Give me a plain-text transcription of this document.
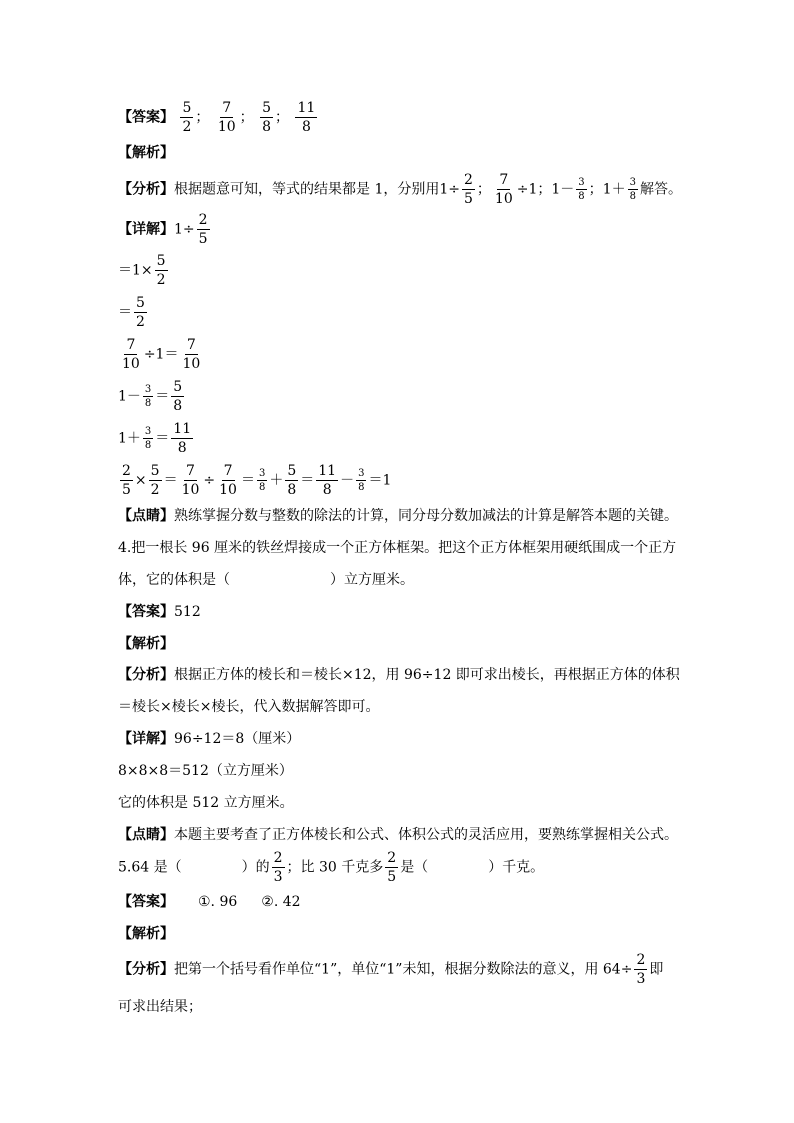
【答案】 $\frac{5}{2}$ ； $\frac{7}{10}$ ； $\frac{5}{8}$ ； $\frac{11}{8}$
【解析】
【分析】根据题意可知，等式的结果都是 1，分别用$1\div \frac{2}{5}$ ； $\frac{7}{10} \div 1$；$1- \frac{3}{8}$ ；$1+ \frac{3}{8}$ 解答。
【详解】$1\div \frac{2}{5}$
$=1\times \frac{5}{2}$
＝ $\frac{5}{2}$
$\frac{7}{10} \div 1= \frac{7}{10}$
$1- \frac{3}{8} = \frac{5}{8}$
$1+ \frac{3}{8} = \frac{11}{8}$
$\frac{2}{5} \times \frac{5}{2} = \frac{7}{10} \div \frac{7}{10} = \frac{3}{8} + \frac{5}{8} = \frac{11}{8} - \frac{3}{8} =1$
【点睛】熟练掌握分数与整数的除法的计算，同分母分数加减法的计算是解答本题的关键。
4.把一根长 96 厘米的铁丝焊接成一个正方体框架。把这个正方体框架用硬纸围成一个正方
体，它的体积是（	）立方厘米。
【答案】512
【解析】
【分析】根据正方体的棱长和＝棱长×12，用 96÷12 即可求出棱长，再根据正方体的体积
＝棱长×棱长×棱长，代入数据解答即可。
【详解】96÷12＝8（厘米）
8×8×8＝512（立方厘米）
它的体积是 512 立方厘米。
【点睛】本题主要考查了正方体棱长和公式、体积公式的灵活应用，要熟练掌握相关公式。
5.64 是（	）的 $\frac{2}{3}$ ；比 30 千克多 $\frac{2}{5}$ 是（	）千克。
【答案】 ①. 96 ②. 42
【解析】
【分析】把第一个括号看作单位“1”，单位“1”未知，根据分数除法的意义，用 $64\div \frac{2}{3}$ 即
可求出结果；
